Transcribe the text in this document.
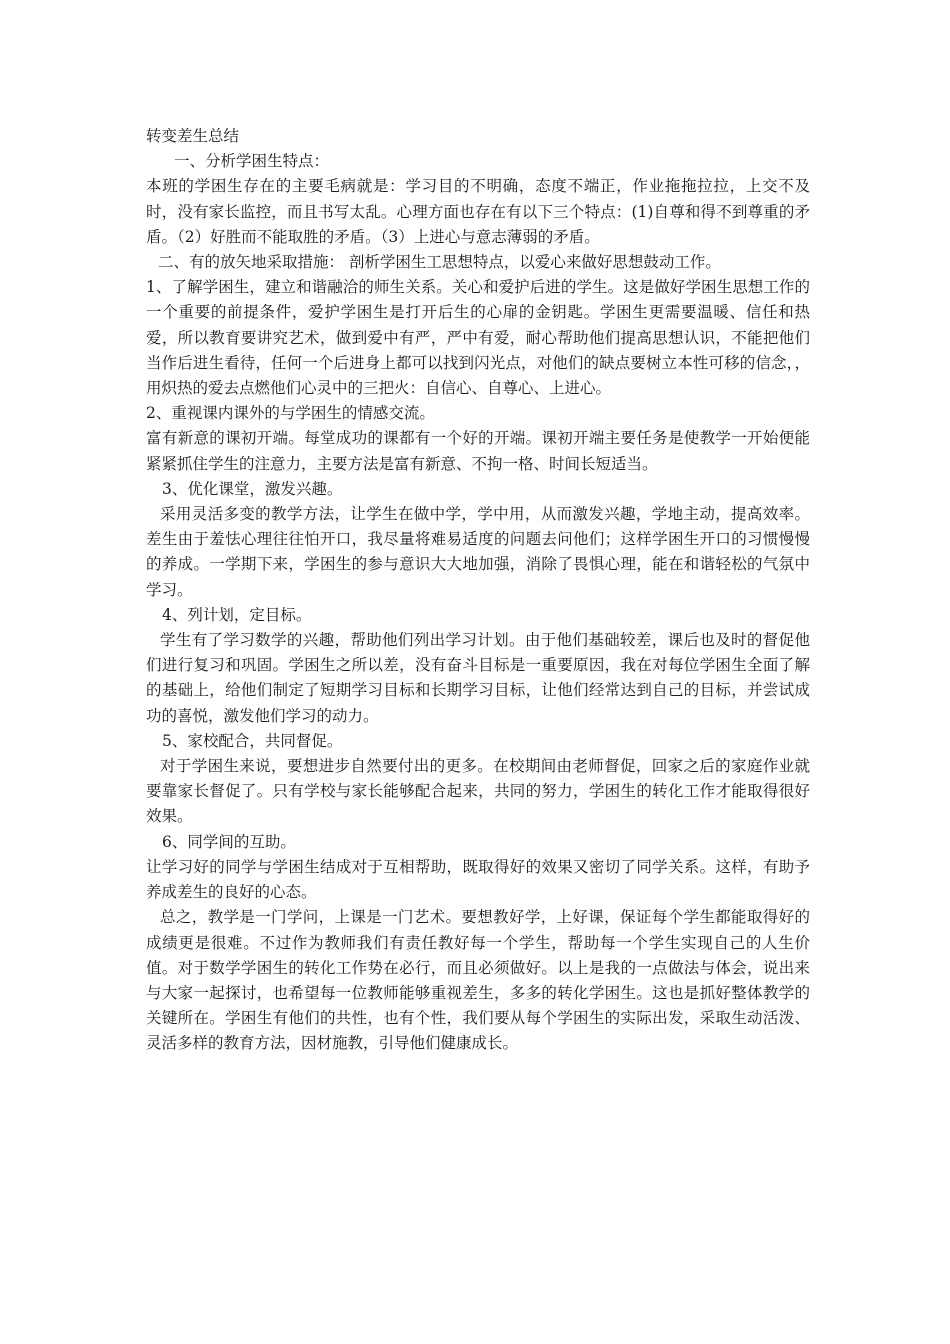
转变差生总结

一、分析学困生特点：

本班的学困生存在的主要毛病就是：学习目的不明确，态度不端正，作业拖拖拉拉，上交不及时，没有家长监控，而且书写太乱。心理方面也存在有以下三个特点：(1)自尊和得不到尊重的矛盾。（2）好胜而不能取胜的矛盾。（3）上进心与意志薄弱的矛盾。

二、有的放矢地采取措施： 剖析学困生工思想特点，以爱心来做好思想鼓动工作。

1、了解学困生，建立和谐融洽的师生关系。关心和爱护后进的学生。这是做好学困生思想工作的一个重要的前提条件，爱护学困生是打开后生的心扉的金钥匙。学困生更需要温暖、信任和热爱，所以教育要讲究艺术，做到爱中有严，严中有爱，耐心帮助他们提高思想认识，不能把他们当作后进生看待，任何一个后进身上都可以找到闪光点，对他们的缺点要树立本性可移的信念，，用炽热的爱去点燃他们心灵中的三把火：自信心、自尊心、上进心。

2、重视课内课外的与学困生的情感交流。

富有新意的课初开端。每堂成功的课都有一个好的开端。课初开端主要任务是使教学一开始便能紧紧抓住学生的注意力，主要方法是富有新意、不拘一格、时间长短适当。

3、优化课堂，激发兴趣。

采用灵活多变的教学方法，让学生在做中学，学中用，从而激发兴趣，学地主动，提高效率。差生由于羞怯心理往往怕开口，我尽量将难易适度的问题去问他们；这样学困生开口的习惯慢慢的养成。一学期下来，学困生的参与意识大大地加强，消除了畏惧心理，能在和谐轻松的气氛中学习。

4、列计划，定目标。

学生有了学习数学的兴趣，帮助他们列出学习计划。由于他们基础较差，课后也及时的督促他们进行复习和巩固。学困生之所以差，没有奋斗目标是一重要原因，我在对每位学困生全面了解的基础上，给他们制定了短期学习目标和长期学习目标，让他们经常达到自己的目标，并尝试成功的喜悦，激发他们学习的动力。

5、家校配合，共同督促。

对于学困生来说，要想进步自然要付出的更多。在校期间由老师督促，回家之后的家庭作业就要靠家长督促了。只有学校与家长能够配合起来，共同的努力，学困生的转化工作才能取得很好效果。

6、同学间的互助。

让学习好的同学与学困生结成对于互相帮助，既取得好的效果又密切了同学关系。这样，有助予养成差生的良好的心态。

总之，教学是一门学问，上课是一门艺术。要想教好学，上好课，保证每个学生都能取得好的成绩更是很难。不过作为教师我们有责任教好每一个学生，帮助每一个学生实现自己的人生价值。对于数学学困生的转化工作势在必行，而且必须做好。以上是我的一点做法与体会，说出来与大家一起探讨，也希望每一位教师能够重视差生，多多的转化学困生。这也是抓好整体教学的关键所在。学困生有他们的共性，也有个性，我们要从每个学困生的实际出发，采取生动活泼、灵活多样的教育方法，因材施教，引导他们健康成长。
